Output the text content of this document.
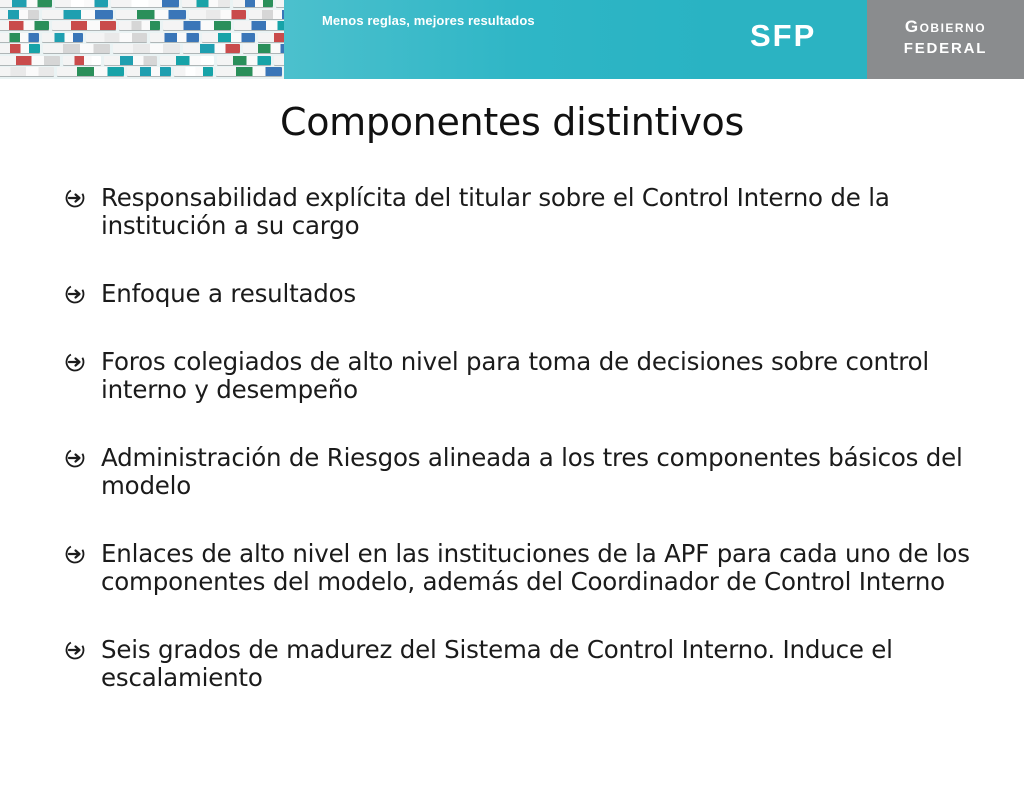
Menos reglas, mejores resultados	SFP	Gobierno
FEDERAL
Componentes distintivos
Responsabilidad explícita del titular sobre el Control Interno de la institución a su cargo
Enfoque a resultados
Foros colegiados de alto nivel para toma de decisiones sobre control interno y desempeño
Administración de Riesgos alineada a los tres componentes básicos del modelo
Enlaces de alto nivel en las instituciones de la APF para cada uno de los componentes del modelo, además del Coordinador de Control Interno
Seis grados de madurez del Sistema de Control Interno. Induce el escalamiento
